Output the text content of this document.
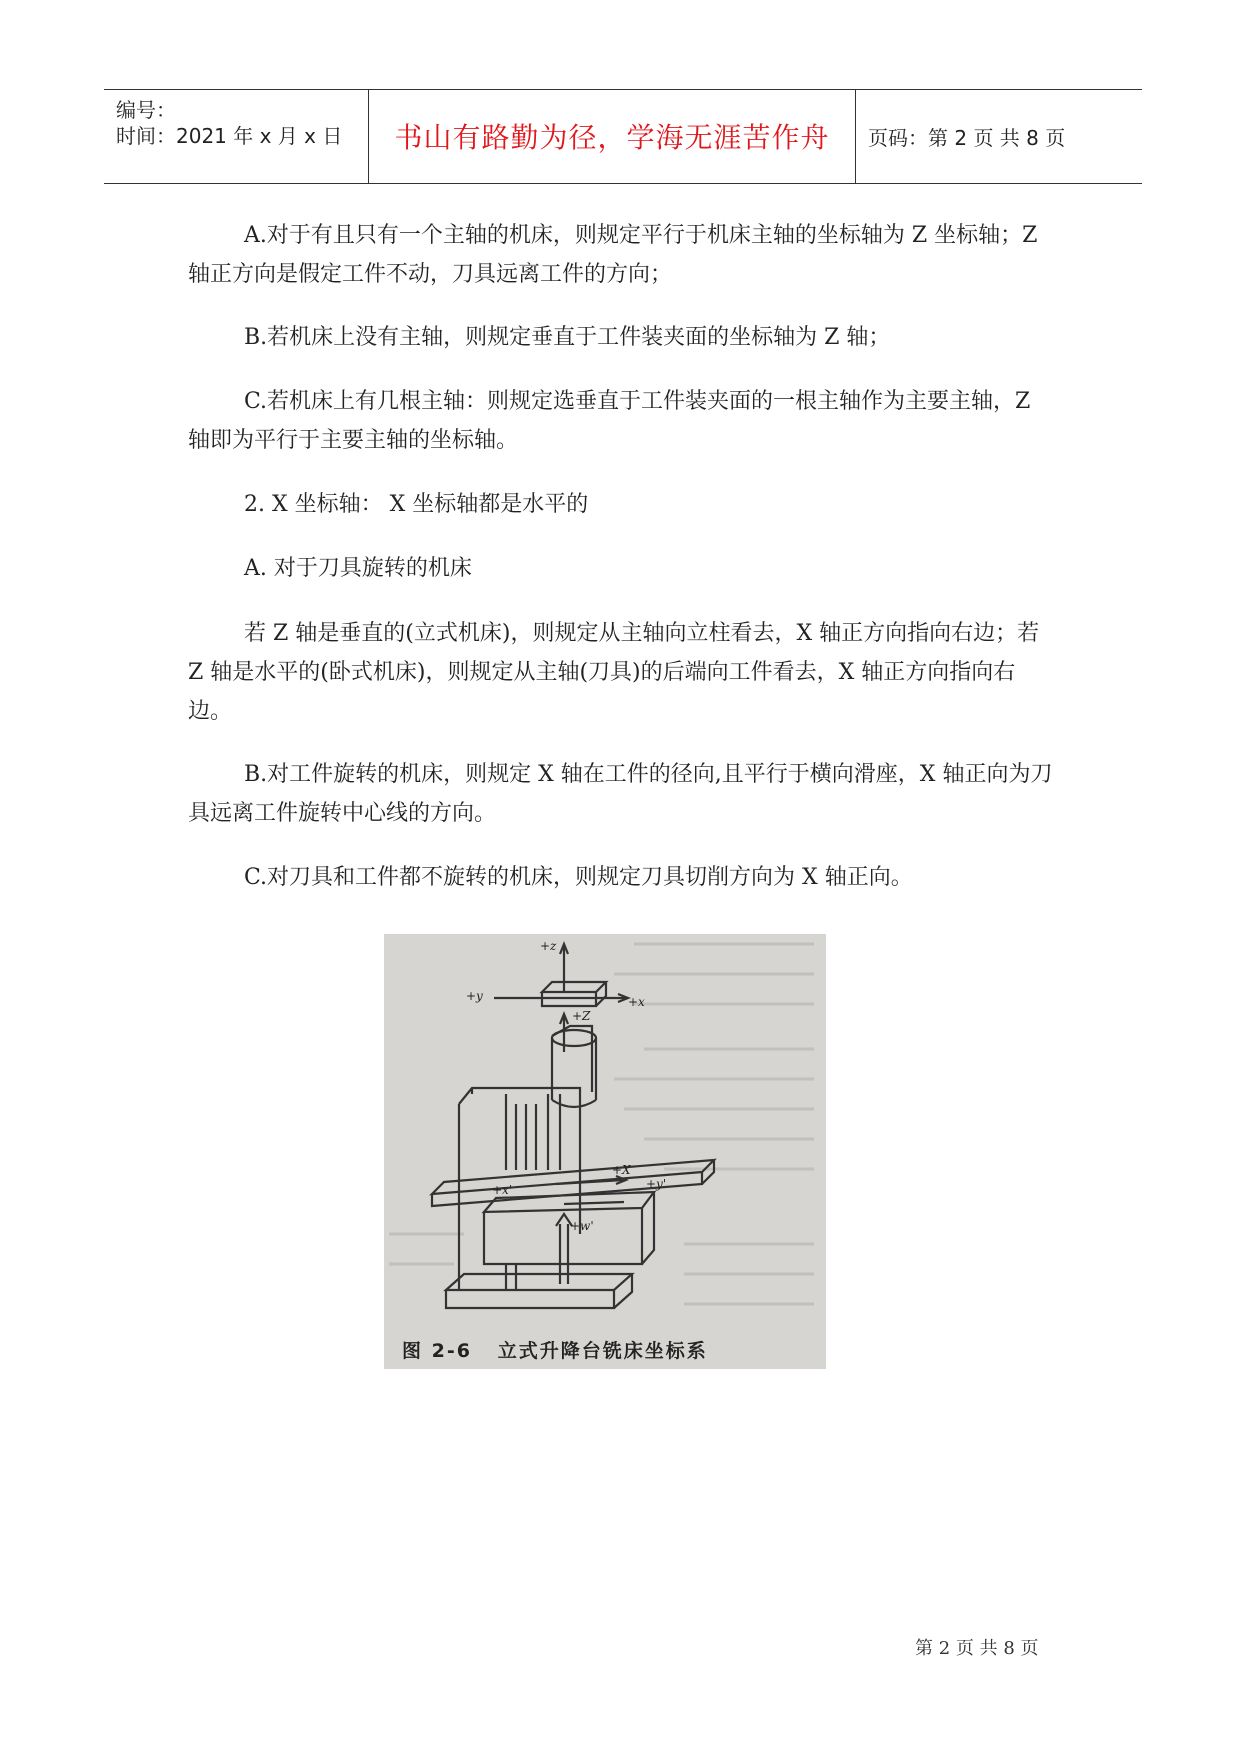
编号：
时间：2021 年 x 月 x 日	书山有路勤为径，学海无涯苦作舟	页码：第 2 页 共 8 页

A.对于有且只有一个主轴的机床，则规定平行于机床主轴的坐标轴为 Z 坐标轴；Z 轴正方向是假定工件不动，刀具远离工件的方向；

B.若机床上没有主轴，则规定垂直于工件装夹面的坐标轴为 Z 轴；

C.若机床上有几根主轴：则规定选垂直于工件装夹面的一根主轴作为主要主轴，Z 轴即为平行于主要主轴的坐标轴。

2. X 坐标轴： X 坐标轴都是水平的

A. 对于刀具旋转的机床

若 Z 轴是垂直的(立式机床)，则规定从主轴向立柱看去，X 轴正方向指向右边；若 Z 轴是水平的(卧式机床)，则规定从主轴(刀具)的后端向工件看去，X 轴正方向指向右边。

B.对工件旋转的机床，则规定 X 轴在工件的径向,且平行于横向滑座，X 轴正向为刀具远离工件旋转中心线的方向。

C.对刀具和工件都不旋转的机床，则规定刀具切削方向为 X 轴正向。

+z
+y	+x
+Z
+X
+x'	+y'
+w'
图 2-6   立式升降台铣床坐标系
第 2 页 共 8 页
